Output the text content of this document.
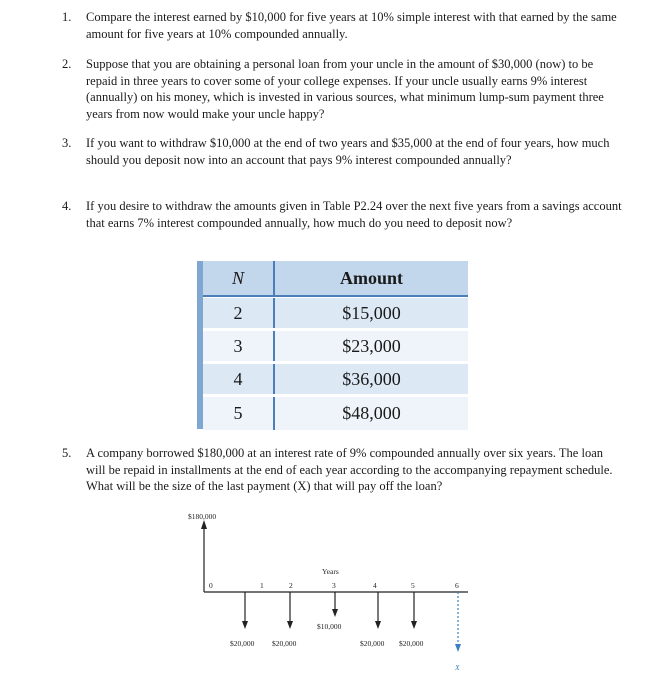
1. Compare the interest earned by $10,000 for five years at 10% simple interest with that earned by the same amount for five years at 10% compounded annually.
2. Suppose that you are obtaining a personal loan from your uncle in the amount of $30,000 (now) to be repaid in three years to cover some of your college expenses. If your uncle usually earns 9% interest (annually) on his money, which is invested in various sources, what minimum lump-sum payment three years from now would make your uncle happy?
3. If you want to withdraw $10,000 at the end of two years and $35,000 at the end of four years, how much should you deposit now into an account that pays 9% interest compounded annually?
4. If you desire to withdraw the amounts given in Table P2.24 over the next five years from a savings account that earns 7% interest compounded annually, how much do you need to deposit now?
N	Amount
2	$15,000
3	$23,000
4	$36,000
5	$48,000
5. A company borrowed $180,000 at an interest rate of 9% compounded annually over six years. The loan will be repaid in installments at the end of each year according to the accompanying repayment schedule. What will be the size of the last payment (X) that will pay off the loan?
$180,000
Years
0	1	2	3	4	5	6
$20,000 $20,000
$10,000
$20,000 $20,000
X
